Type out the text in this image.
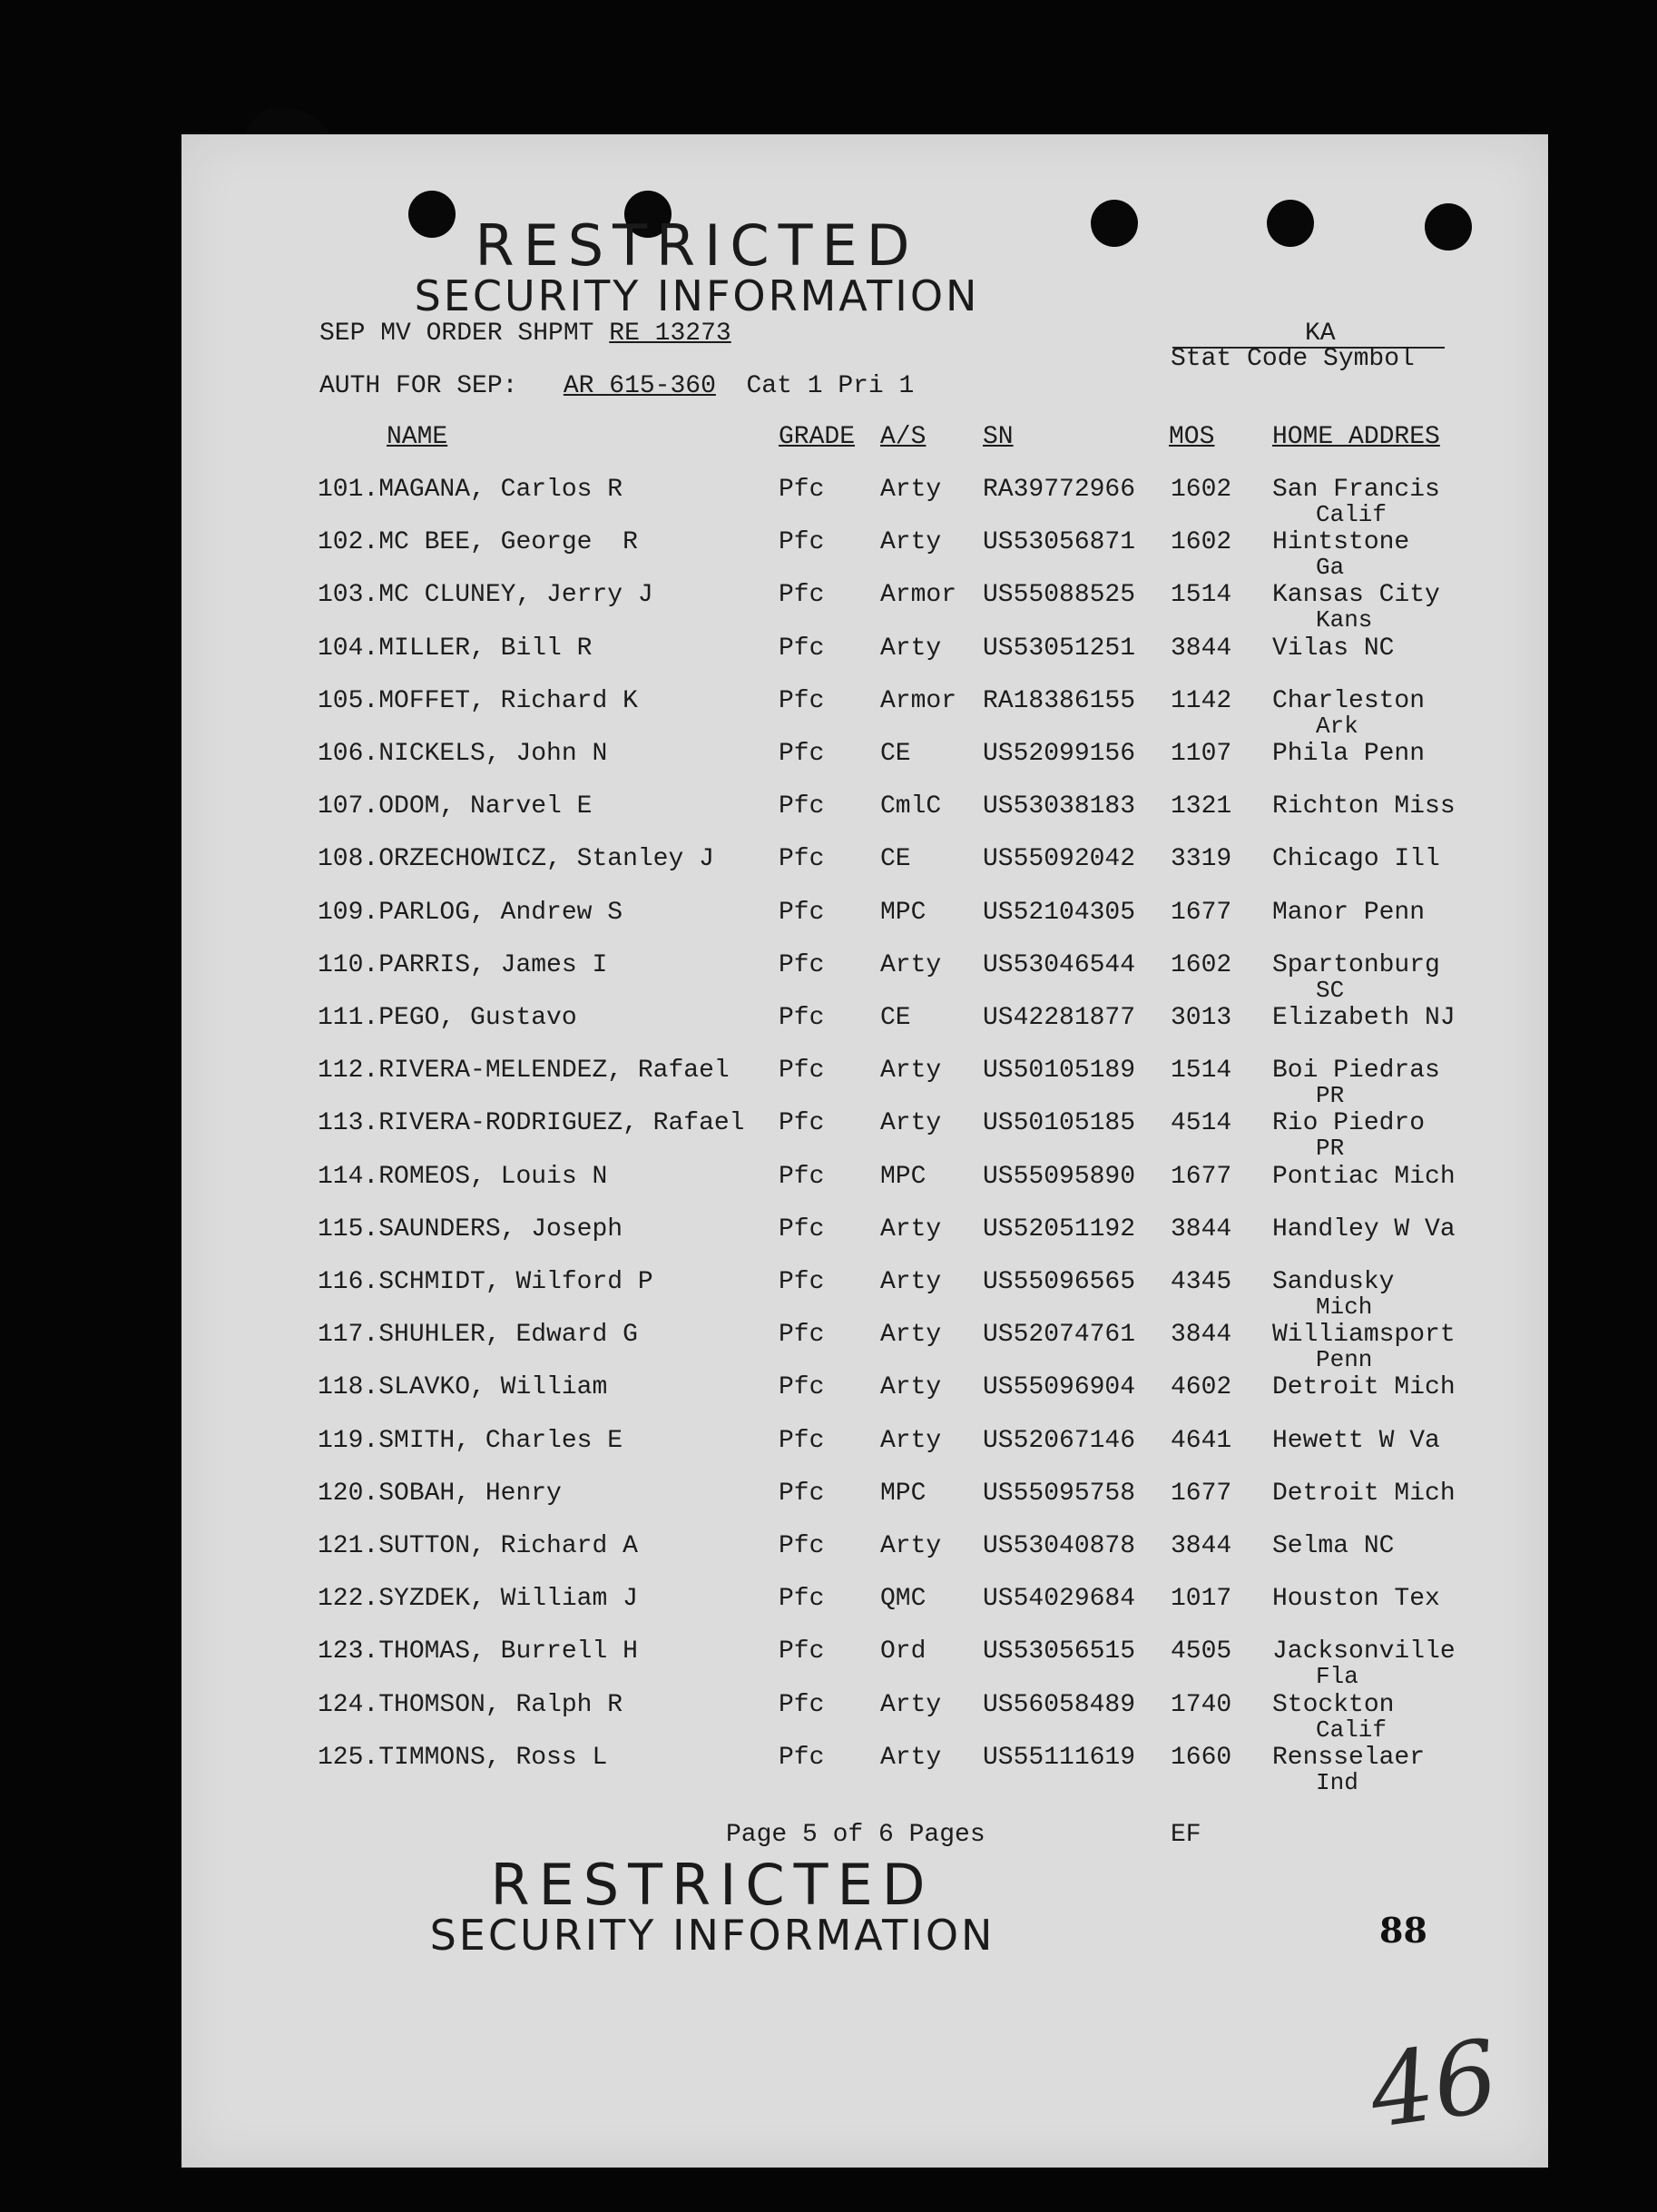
RESTRICTED
SECURITY INFORMATION
SEP MV ORDER SHPMT RE 13273	KA
Stat Code Symbol
AUTH FOR SEP: AR 615-360 Cat 1 Pri 1
NAME	GRADE A/S SN	MOS HOME ADDRES
101.MAGANA, Carlos R	Pfc Arty RA39772966 1602 San Francis
Calif
102.MC BEE, George  R	Pfc Arty US53056871 1602 Hintstone
Ga
103.MC CLUNEY, Jerry J	Pfc Armor US55088525 1514 Kansas City
Kans
104.MILLER, Bill R	Pfc Arty US53051251 3844 Vilas NC
105.MOFFET, Richard K	Pfc Armor RA18386155 1142 Charleston
Ark
106.NICKELS, John N	Pfc CE	US52099156 1107 Phila Penn
107.ODOM, Narvel E	Pfc CmlC US53038183 1321 Richton Miss
108.ORZECHOWICZ, Stanley J	Pfc CE	US55092042 3319 Chicago Ill
109.PARLOG, Andrew S	Pfc MPC US52104305 1677 Manor Penn
110.PARRIS, James I	Pfc Arty US53046544 1602 Spartonburg
SC
111.PEGO, Gustavo	Pfc CE	US42281877 3013 Elizabeth NJ
112.RIVERA-MELENDEZ, Rafael Pfc Arty US50105189 1514 Boi Piedras
PR
113.RIVERA-RODRIGUEZ, Rafael Pfc Arty US50105185 4514 Rio Piedro
PR
114.ROMEOS, Louis N	Pfc MPC US55095890 1677 Pontiac Mich
115.SAUNDERS, Joseph	Pfc Arty US52051192 3844 Handley W Va
116.SCHMIDT, Wilford P	Pfc Arty US55096565 4345 Sandusky
Mich
117.SHUHLER, Edward G	Pfc Arty US52074761 3844 Williamsport
Penn
118.SLAVKO, William	Pfc Arty US55096904 4602 Detroit Mich
119.SMITH, Charles E	Pfc Arty US52067146 4641 Hewett W Va
120.SOBAH, Henry	Pfc MPC US55095758 1677 Detroit Mich
121.SUTTON, Richard A	Pfc Arty US53040878 3844 Selma NC
122.SYZDEK, William J	Pfc QMC US54029684 1017 Houston Tex
123.THOMAS, Burrell H	Pfc Ord US53056515 4505 Jacksonville
Fla
124.THOMSON, Ralph R	Pfc Arty US56058489 1740 Stockton
Calif
125.TIMMONS, Ross L	Pfc Arty US55111619 1660 Rensselaer
Ind
Page 5 of 6 Pages	EF
RESTRICTED
SECURITY INFORMATION	88
46
